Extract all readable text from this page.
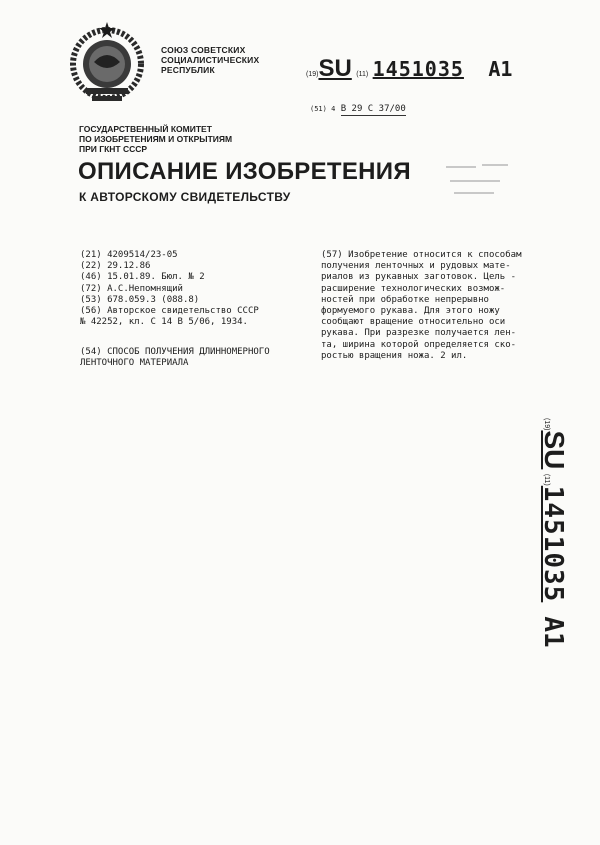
СОЮЗ СОВЕТСКИХ
СОЦИАЛИСТИЧЕСКИХ
РЕСПУБЛИК	(19)SU (11) 1451035 A1
(51) 4 В 29 С 37/00
ГОСУДАРСТВЕННЫЙ КОМИТЕТ
ПО ИЗОБРЕТЕНИЯМ И ОТКРЫТИЯМ
ПРИ ГКНТ СССР
ОПИСАНИЕ ИЗОБРЕТЕНИЯ
К АВТОРСКОМУ СВИДЕТЕЛЬСТВУ
(21) 4209514/23-05
(22) 29.12.86
(46) 15.01.89. Бюл. № 2
(72) А.С.Непомнящий
(53) 678.059.3 (088.8)
(56) Авторское свидетельство СССР
№ 42252, кл. С 14 В 5/06, 1934.
(54) СПОСОБ ПОЛУЧЕНИЯ ДЛИННОМЕРНОГО
ЛЕНТОЧНОГО МАТЕРИАЛА
(57) Изобретение относится к способам
получения ленточных и рудовых мате-
риалов из рукавных заготовок. Цель -
расширение технологических возмож-
ностей при обработке непрерывно
формуемого рукава. Для этого ножу
сообщают вращение относительно оси
рукава. При разрезке получается лен-
та, ширина которой определяется ско-
ростью вращения ножа. 2 ил.
(19)SU (11)1451035A1
